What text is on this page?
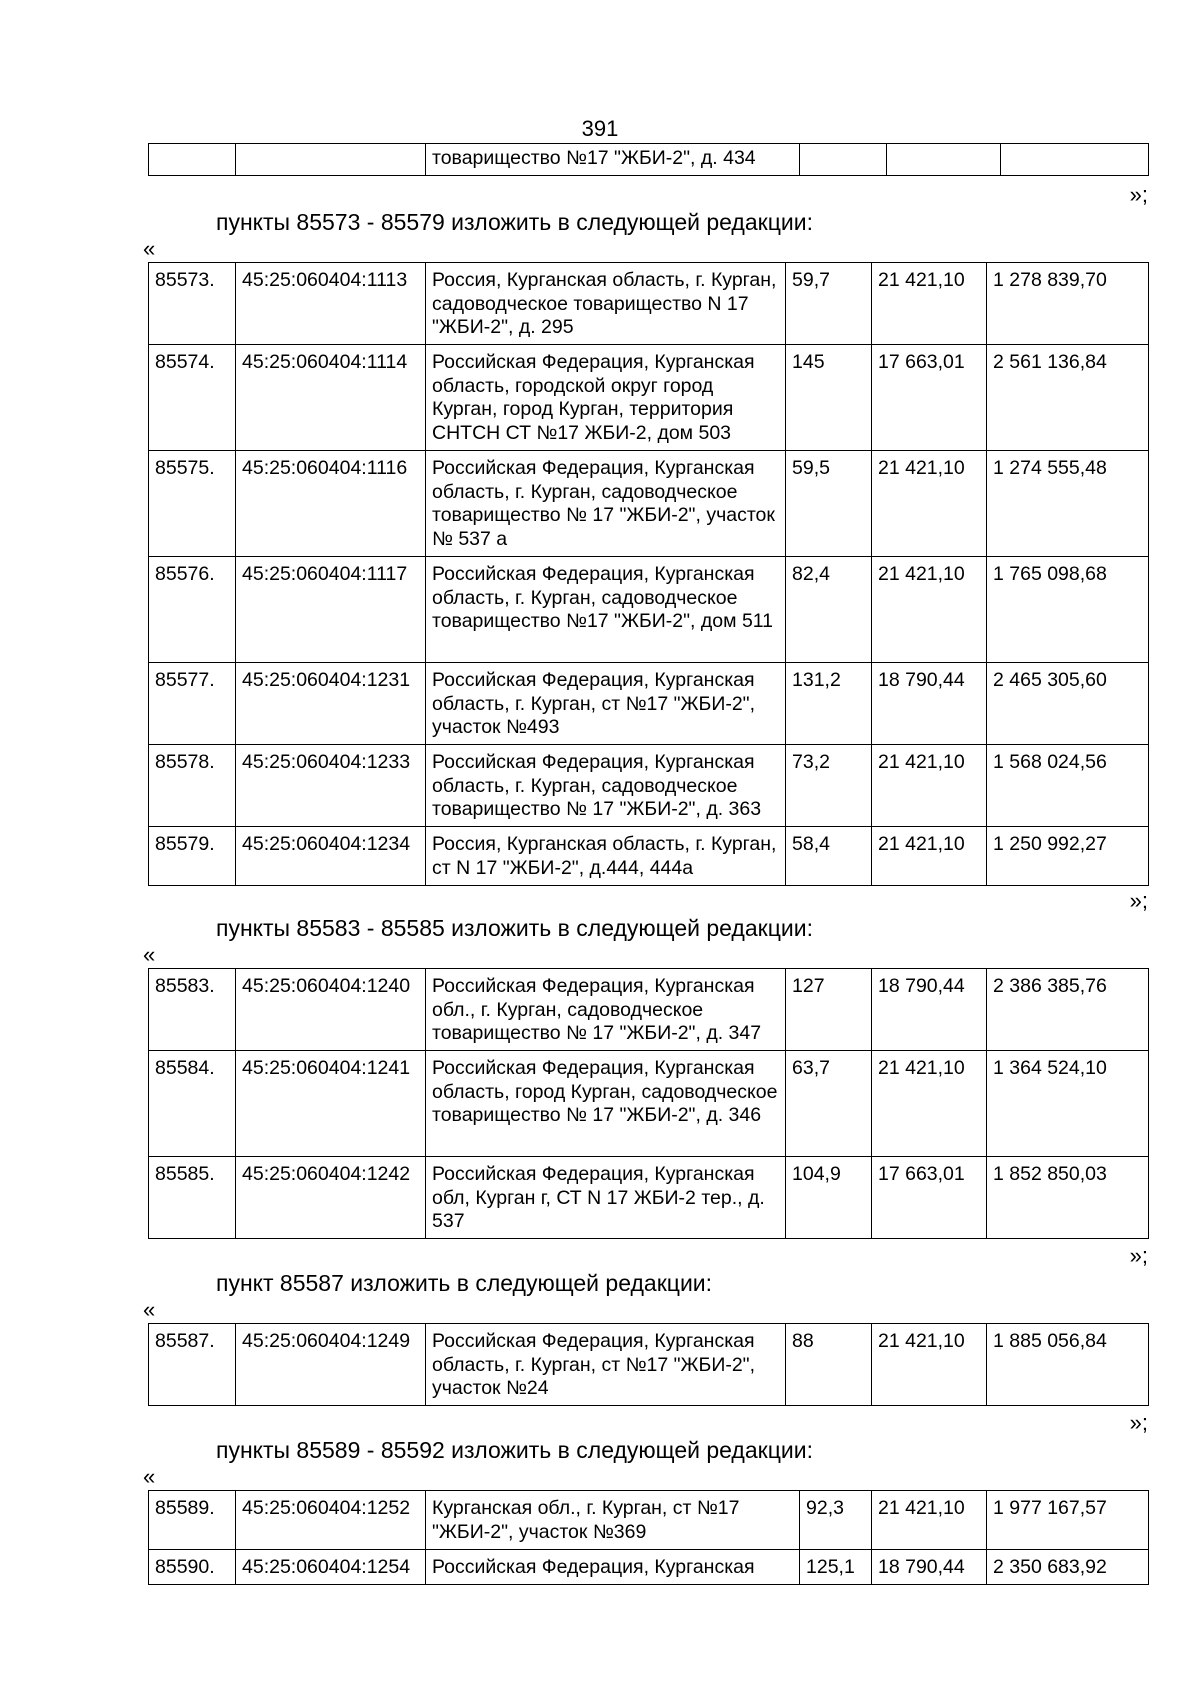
391
		товарищество №17 "ЖБИ-2", д. 434			
»;
пункты 85573 - 85579 изложить в следующей редакции:
«
85573.	45:25:060404:1113	Россия, Курганская область, г. Курган, садоводческое товарищество N 17 "ЖБИ-2", д. 295	59,7	21 421,10	1 278 839,70
85574.	45:25:060404:1114	Российская Федерация, Курганская область, городской округ город Курган, город Курган, территория СНТСН СТ №17 ЖБИ-2, дом 503	145	17 663,01	2 561 136,84
85575.	45:25:060404:1116	Российская Федерация, Курганская область, г. Курган, садоводческое товарищество № 17 "ЖБИ-2", участок № 537 а	59,5	21 421,10	1 274 555,48
85576.	45:25:060404:1117	Российская Федерация, Курганская область, г. Курган, садоводческое товарищество №17 "ЖБИ-2", дом 511	82,4	21 421,10	1 765 098,68
85577.	45:25:060404:1231	Российская Федерация, Курганская область, г. Курган, ст №17 "ЖБИ-2", участок №493	131,2	18 790,44	2 465 305,60
85578.	45:25:060404:1233	Российская Федерация, Курганская область, г. Курган, садоводческое товарищество № 17 "ЖБИ-2", д. 363	73,2	21 421,10	1 568 024,56
85579.	45:25:060404:1234	Россия, Курганская область, г. Курган, ст N 17 "ЖБИ-2", д.444, 444а	58,4	21 421,10	1 250 992,27
»;
пункты 85583 - 85585 изложить в следующей редакции:
«
85583.	45:25:060404:1240	Российская Федерация, Курганская обл., г. Курган, садоводческое товарищество № 17 "ЖБИ-2", д. 347	127	18 790,44	2 386 385,76
85584.	45:25:060404:1241	Российская Федерация, Курганская область, город Курган, садоводческое товарищество № 17 "ЖБИ-2", д. 346	63,7	21 421,10	1 364 524,10
85585.	45:25:060404:1242	Российская Федерация, Курганская обл, Курган г, СТ N 17 ЖБИ-2 тер., д. 537	104,9	17 663,01	1 852 850,03
»;
пункт 85587 изложить в следующей редакции:
«
85587.	45:25:060404:1249	Российская Федерация, Курганская область, г. Курган, ст №17 "ЖБИ-2", участок №24	88	21 421,10	1 885 056,84
»;
пункты 85589 - 85592 изложить в следующей редакции:
«
85589.	45:25:060404:1252	Курганская обл., г. Курган, ст №17 "ЖБИ-2", участок №369	92,3	21 421,10	1 977 167,57
85590.	45:25:060404:1254	Российская Федерация, Курганская	125,1	18 790,44	2 350 683,92
